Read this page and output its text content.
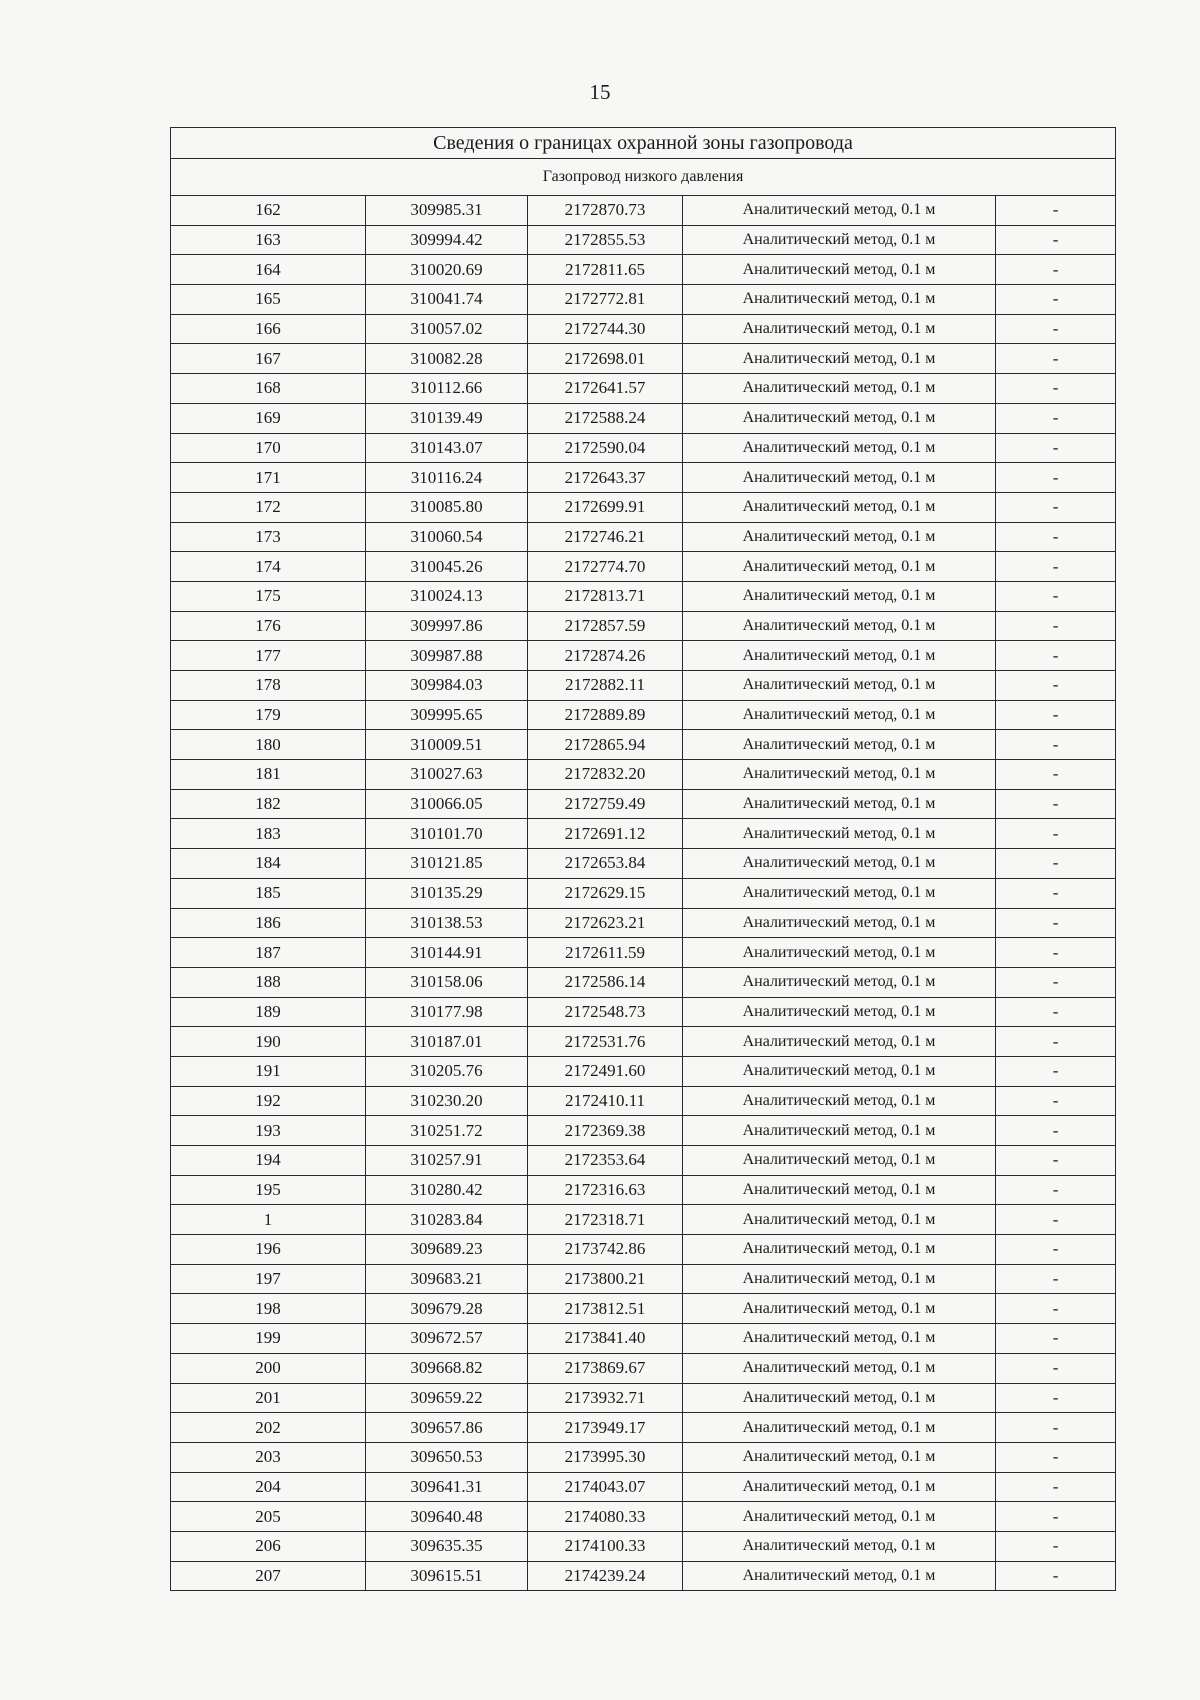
15
Сведения о границах охранной зоны газопровода				
Газопровод низкого давления				
162	309985.31	2172870.73	Аналитический метод, 0.1 м	-
163	309994.42	2172855.53	Аналитический метод, 0.1 м	-
164	310020.69	2172811.65	Аналитический метод, 0.1 м	-
165	310041.74	2172772.81	Аналитический метод, 0.1 м	-
166	310057.02	2172744.30	Аналитический метод, 0.1 м	-
167	310082.28	2172698.01	Аналитический метод, 0.1 м	-
168	310112.66	2172641.57	Аналитический метод, 0.1 м	-
169	310139.49	2172588.24	Аналитический метод, 0.1 м	-
170	310143.07	2172590.04	Аналитический метод, 0.1 м	-
171	310116.24	2172643.37	Аналитический метод, 0.1 м	-
172	310085.80	2172699.91	Аналитический метод, 0.1 м	-
173	310060.54	2172746.21	Аналитический метод, 0.1 м	-
174	310045.26	2172774.70	Аналитический метод, 0.1 м	-
175	310024.13	2172813.71	Аналитический метод, 0.1 м	-
176	309997.86	2172857.59	Аналитический метод, 0.1 м	-
177	309987.88	2172874.26	Аналитический метод, 0.1 м	-
178	309984.03	2172882.11	Аналитический метод, 0.1 м	-
179	309995.65	2172889.89	Аналитический метод, 0.1 м	-
180	310009.51	2172865.94	Аналитический метод, 0.1 м	-
181	310027.63	2172832.20	Аналитический метод, 0.1 м	-
182	310066.05	2172759.49	Аналитический метод, 0.1 м	-
183	310101.70	2172691.12	Аналитический метод, 0.1 м	-
184	310121.85	2172653.84	Аналитический метод, 0.1 м	-
185	310135.29	2172629.15	Аналитический метод, 0.1 м	-
186	310138.53	2172623.21	Аналитический метод, 0.1 м	-
187	310144.91	2172611.59	Аналитический метод, 0.1 м	-
188	310158.06	2172586.14	Аналитический метод, 0.1 м	-
189	310177.98	2172548.73	Аналитический метод, 0.1 м	-
190	310187.01	2172531.76	Аналитический метод, 0.1 м	-
191	310205.76	2172491.60	Аналитический метод, 0.1 м	-
192	310230.20	2172410.11	Аналитический метод, 0.1 м	-
193	310251.72	2172369.38	Аналитический метод, 0.1 м	-
194	310257.91	2172353.64	Аналитический метод, 0.1 м	-
195	310280.42	2172316.63	Аналитический метод, 0.1 м	-
1	310283.84	2172318.71	Аналитический метод, 0.1 м	-
196	309689.23	2173742.86	Аналитический метод, 0.1 м	-
197	309683.21	2173800.21	Аналитический метод, 0.1 м	-
198	309679.28	2173812.51	Аналитический метод, 0.1 м	-
199	309672.57	2173841.40	Аналитический метод, 0.1 м	-
200	309668.82	2173869.67	Аналитический метод, 0.1 м	-
201	309659.22	2173932.71	Аналитический метод, 0.1 м	-
202	309657.86	2173949.17	Аналитический метод, 0.1 м	-
203	309650.53	2173995.30	Аналитический метод, 0.1 м	-
204	309641.31	2174043.07	Аналитический метод, 0.1 м	-
205	309640.48	2174080.33	Аналитический метод, 0.1 м	-
206	309635.35	2174100.33	Аналитический метод, 0.1 м	-
207	309615.51	2174239.24	Аналитический метод, 0.1 м	-
